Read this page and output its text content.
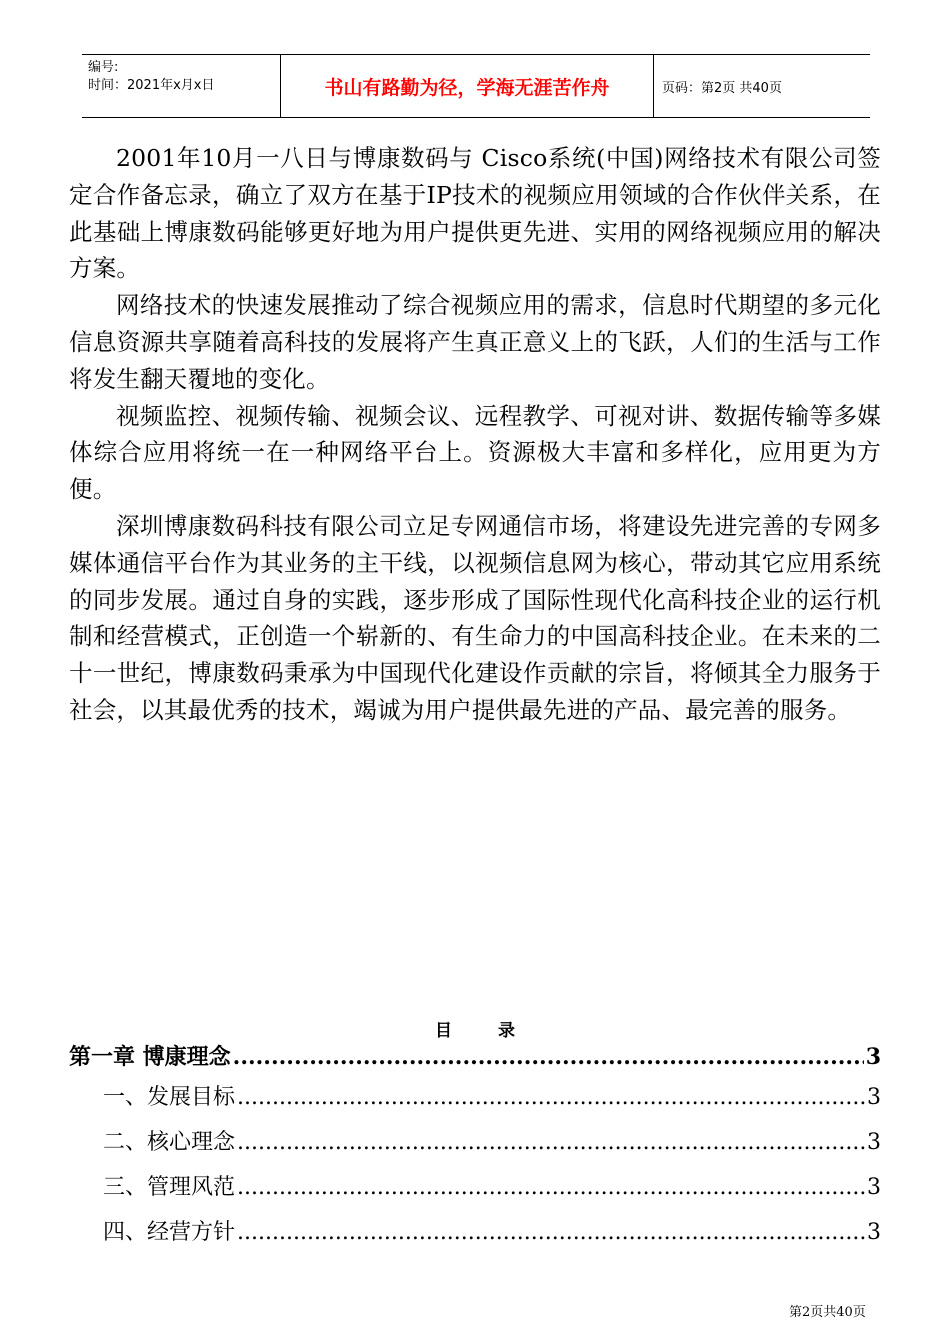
编号:
时间：2021年x月x日	书山有路勤为径，学海无涯苦作舟	页码：第2页 共40页

2001年10月一八日与博康数码与 Cisco系统(中国)网络技术有限公司签定合作备忘录，确立了双方在基于IP技术的视频应用领域的合作伙伴关系，在此基础上博康数码能够更好地为用户提供更先进、实用的网络视频应用的解决方案。

网络技术的快速发展推动了综合视频应用的需求，信息时代期望的多元化信息资源共享随着高科技的发展将产生真正意义上的飞跃，人们的生活与工作将发生翻天覆地的变化。

视频监控、视频传输、视频会议、远程教学、可视对讲、数据传输等多媒体综合应用将统一在一种网络平台上。资源极大丰富和多样化，应用更为方便。

深圳博康数码科技有限公司立足专网通信市场，将建设先进完善的专网多媒体通信平台作为其业务的主干线，以视频信息网为核心，带动其它应用系统的同步发展。通过自身的实践，逐步形成了国际性现代化高科技企业的运行机制和经营模式，正创造一个崭新的、有生命力的中国高科技企业。在未来的二十一世纪，博康数码秉承为中国现代化建设作贡献的宗旨，将倾其全力服务于社会，以其最优秀的技术，竭诚为用户提供最先进的产品、最完善的服务。

目录
第一章 博康理念 .....	3
一、发展目标 .....	3
二、核心理念 .....	3
三、管理风范 .....	3
四、经营方针 .....	3
第2页共40页
